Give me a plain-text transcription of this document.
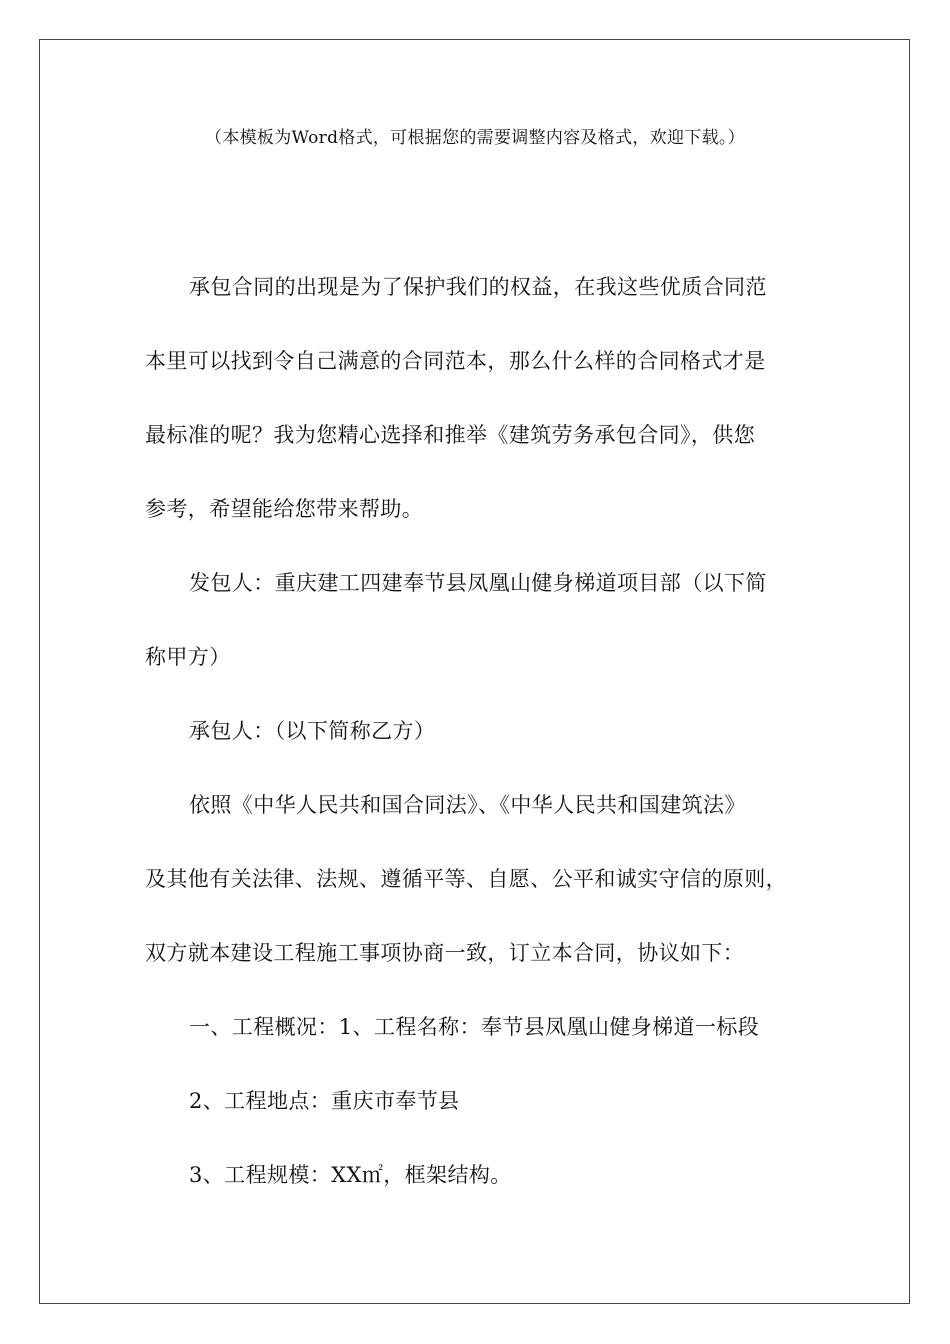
（本模板为Word格式，可根据您的需要调整内容及格式，欢迎下载。）
承包合同的出现是为了保护我们的权益，在我这些优质合同范
本里可以找到令自己满意的合同范本，那么什么样的合同格式才是
最标准的呢？我为您精心选择和推举《建筑劳务承包合同》，供您
参考，希望能给您带来帮助。
发包人：重庆建工四建奉节县凤凰山健身梯道项目部（以下简
称甲方）
承包人：（以下简称乙方）
依照《中华人民共和国合同法》、《中华人民共和国建筑法》
及其他有关法律、法规、遵循平等、自愿、公平和诚实守信的原则，
双方就本建设工程施工事项协商一致，订立本合同，协议如下：
一、工程概况：1、工程名称：奉节县凤凰山健身梯道一标段
2、工程地点：重庆市奉节县
3、工程规模：XX㎡，框架结构。
